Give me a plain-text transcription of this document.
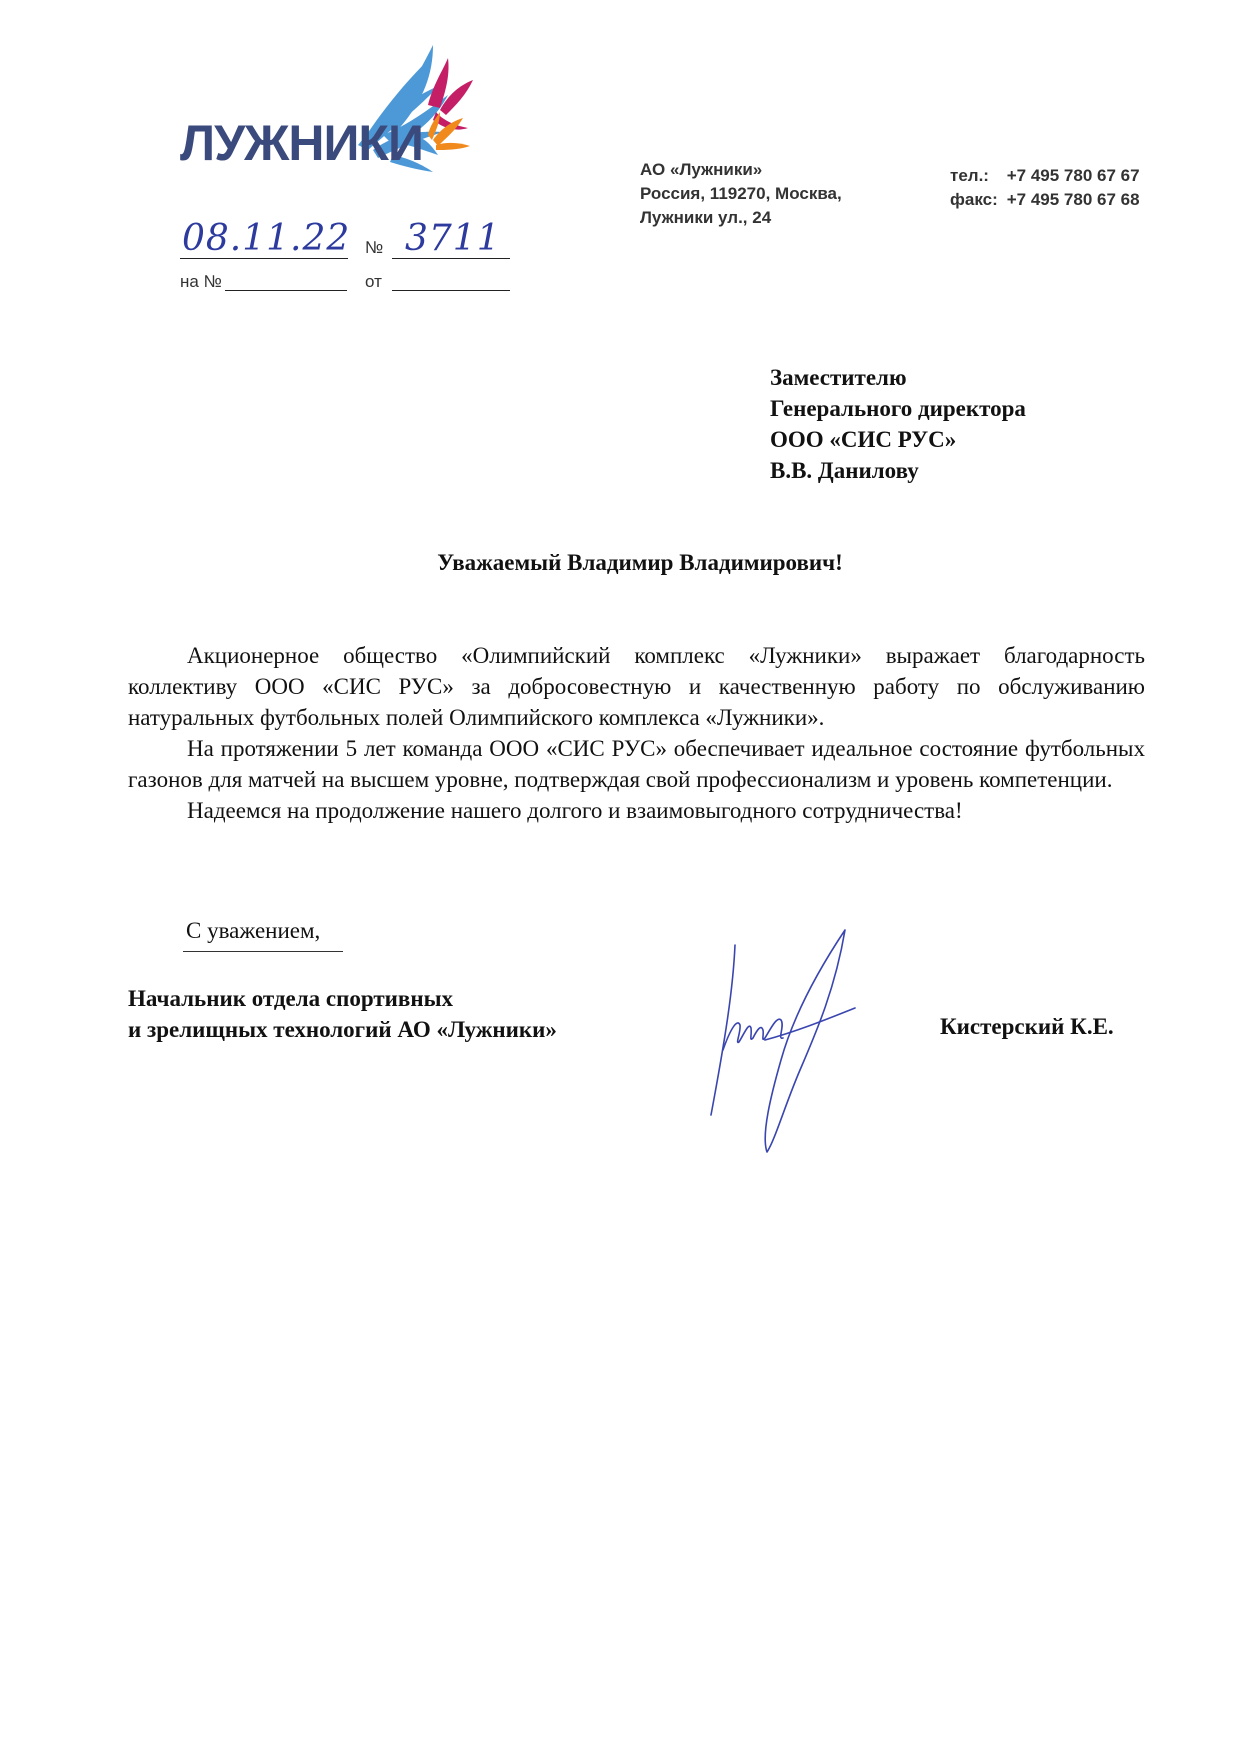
ЛУЖНИКИ	АО «Лужники»
Россия, 119270, Москва,
Лужники ул., 24
тел.: +7 495 780 67 67
факс: +7 495 780 67 68
08.11.22 № 3711
на №	от
Заместителю
Генерального директора
ООО «СИС РУС»
В.В. Данилову
Уважаемый Владимир Владимирович!

Акционерное общество «Олимпийский комплекс «Лужники» выражает благодарность коллективу ООО «СИС РУС» за добросовестную и качественную работу по обслуживанию натуральных футбольных полей Олимпийского комплекса «Лужники».

На протяжении 5 лет команда ООО «СИС РУС» обеспечивает идеальное состояние футбольных газонов для матчей на высшем уровне, подтверждая свой профессионализм и уровень компетенции.

Надеемся на продолжение нашего долгого и взаимовыгодного сотрудничества!

С уважением,
Начальник отдела спортивных
и зрелищных технологий АО «Лужники»	Кистерский К.Е.
